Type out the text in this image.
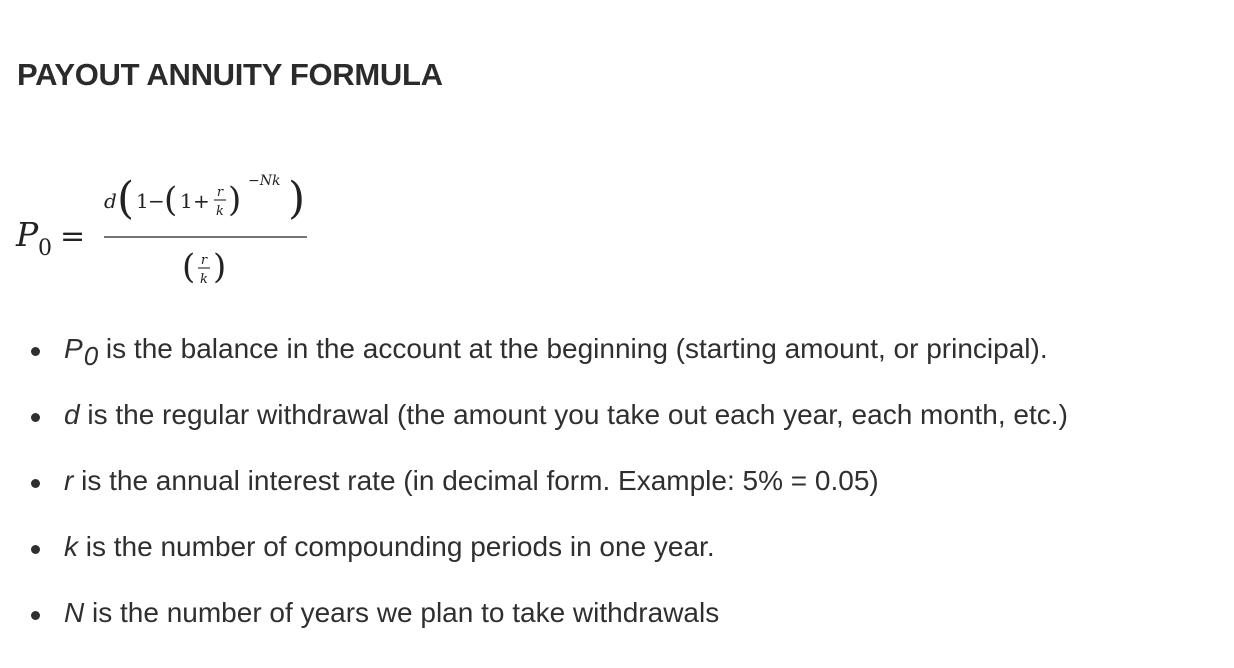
PAYOUT ANNUITY FORMULA
P 0 =
d ( 1 − ( 1 + r
k ) −Nk )
( r
k )
P0 is the balance in the account at the beginning (starting amount, or principal).
d is the regular withdrawal (the amount you take out each year, each month, etc.)
r is the annual interest rate (in decimal form. Example: 5% = 0.05)
k is the number of compounding periods in one year.
N is the number of years we plan to take withdrawals
